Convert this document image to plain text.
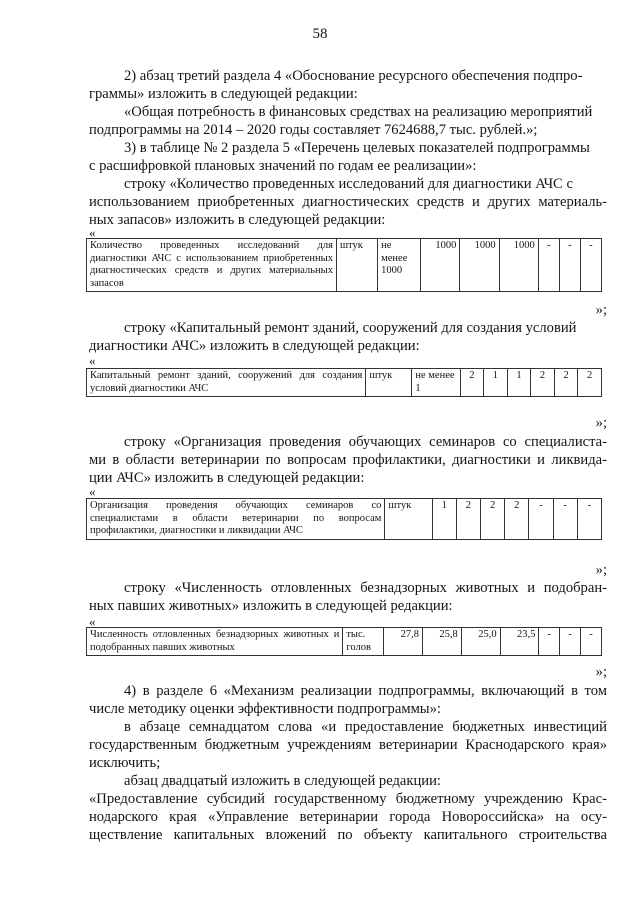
58
2) абзац третий раздела 4 «Обоснование ресурсного обеспечения подпро-
граммы» изложить в следующей редакции:
«Общая потребность в финансовых средствах на реализацию мероприятий
подпрограммы на 2014 – 2020 годы составляет 7624688,7 тыс. рублей.»;
3) в таблице № 2 раздела 5 «Перечень целевых показателей подпрограммы
с расшифровкой плановых значений по годам ее реализации»:
строку «Количество проведенных исследований для диагностики АЧС с
использованием приобретенных диагностических средств и других материаль-
ных запасов» изложить в следующей редакции:
«
Количество проведенных исследований для диагностики АЧС с использованием приобретенных диагностических средств и других материальных запасов
	штук	не менее 1000	1000	1000	1000	-	-	-
»;
строку «Капитальный ремонт зданий, сооружений для создания условий
диагностики АЧС» изложить в следующей редакции:
«
Капитальный ремонт зданий, сооружений для создания условий диагностики АЧС
	штук	не менее 1	2	1	1	2	2	2
»;
строку «Организация проведения обучающих семинаров со специалиста-
ми в области ветеринарии по вопросам профилактики, диагностики и ликвида-
ции АЧС» изложить в следующей редакции:
«
Организация проведения обучающих семинаров со специалистами в области ветеринарии по вопросам профилактики, диагностики и ликвидации АЧС
	штук	1	2	2	2	-	-	-
»;
строку «Численность отловленных безнадзорных животных и подобран-
ных павших животных» изложить в следующей редакции:
«
Численность отловленных безнадзорных животных и подобранных павших животных
	тыс. голов	27,8	25,8	25,0	23,5	-	-	-
»;
4) в разделе 6 «Механизм реализации подпрограммы, включающий в том
числе методику оценки эффективности подпрограммы»:
в абзаце семнадцатом слова «и предоставление бюджетных инвестиций
государственным бюджетным учреждениям ветеринарии Краснодарского края»
исключить;
абзац двадцатый изложить в следующей редакции:
«Предоставление субсидий государственному бюджетному учреждению Крас-
нодарского края «Управление ветеринарии города Новороссийска» на осу-
ществление капитальных вложений по объекту капитального строительства
